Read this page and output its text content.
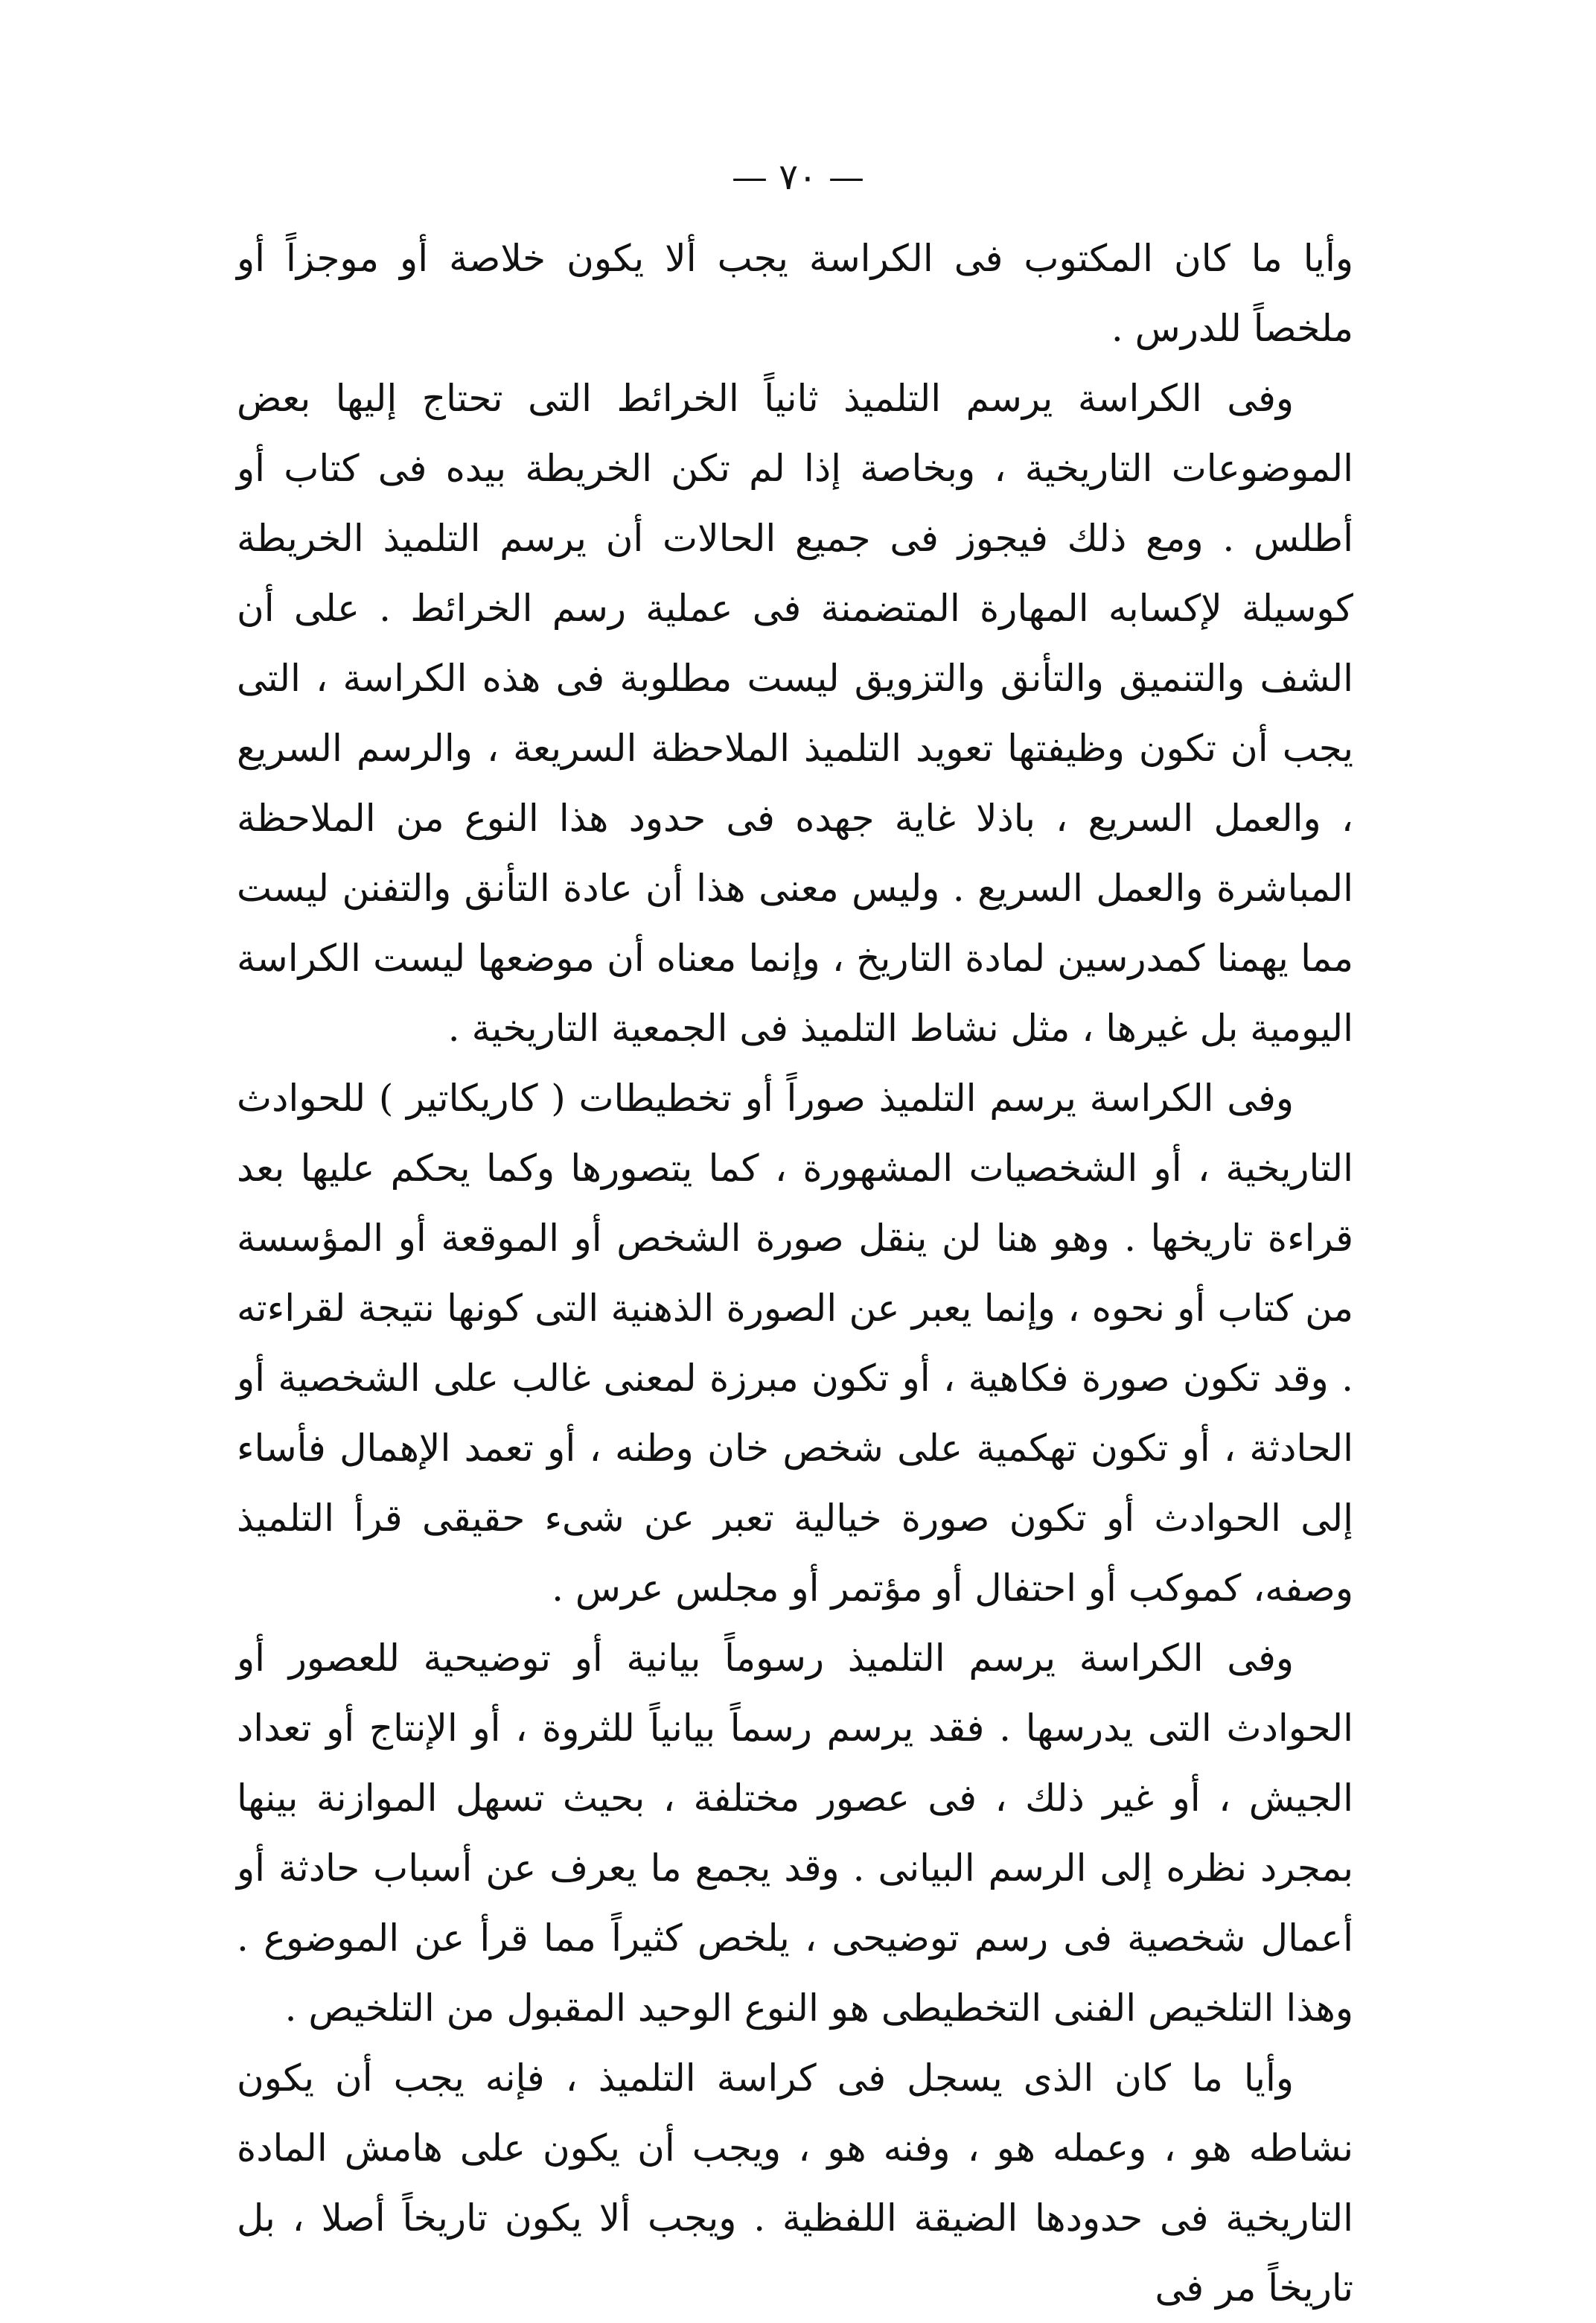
— ٧٠ —

وأيا ما كان المكتوب فى الكراسة يجب ألا يكون خلاصة أو موجزاً أو ملخصاً للدرس .

وفى الكراسة يرسم التلميذ ثانياً الخرائط التى تحتاج إليها بعض الموضوعات التاريخية ، وبخاصة إذا لم تكن الخريطة بيده فى كتاب أو أطلس . ومع ذلك فيجوز فى جميع الحالات أن يرسم التلميذ الخريطة كوسيلة لإكسابه المهارة المتضمنة فى عملية رسم الخرائط . على أن الشف والتنميق والتأنق والتزويق ليست مطلوبة فى هذه الكراسة ، التى يجب أن تكون وظيفتها تعويد التلميذ الملاحظة السريعة ، والرسم السريع ، والعمل السريع ، باذلا غاية جهده فى حدود هذا النوع من الملاحظة المباشرة والعمل السريع . وليس معنى هذا أن عادة التأنق والتفنن ليست مما يهمنا كمدرسين لمادة التاريخ ، وإنما معناه أن موضعها ليست الكراسة اليومية بل غيرها ، مثل نشاط التلميذ فى الجمعية التاريخية .

وفى الكراسة يرسم التلميذ صوراً أو تخطيطات ( كاريكاتير ) للحوادث التاريخية ، أو الشخصيات المشهورة ، كما يتصورها وكما يحكم عليها بعد قراءة تاريخها . وهو هنا لن ينقل صورة الشخص أو الموقعة أو المؤسسة من كتاب أو نحوه ، وإنما يعبر عن الصورة الذهنية التى كونها نتيجة لقراءته . وقد تكون صورة فكاهية ، أو تكون مبرزة لمعنى غالب على الشخصية أو الحادثة ، أو تكون تهكمية على شخص خان وطنه ، أو تعمد الإهمال فأساء إلى الحوادث أو تكون صورة خيالية تعبر عن شىء حقيقى قرأ التلميذ وصفه، كموكب أو احتفال أو مؤتمر أو مجلس عرس .

وفى الكراسة يرسم التلميذ رسوماً بيانية أو توضيحية للعصور أو الحوادث التى يدرسها . فقد يرسم رسماً بيانياً للثروة ، أو الإنتاج أو تعداد الجيش ، أو غير ذلك ، فى عصور مختلفة ، بحيث تسهل الموازنة بينها بمجرد نظره إلى الرسم البيانى . وقد يجمع ما يعرف عن أسباب حادثة أو أعمال شخصية فى رسم توضيحى ، يلخص كثيراً مما قرأ عن الموضوع . وهذا التلخيص الفنى التخطيطى هو النوع الوحيد المقبول من التلخيص .

وأيا ما كان الذى يسجل فى كراسة التلميذ ، فإنه يجب أن يكون نشاطه هو ، وعمله هو ، وفنه هو ، ويجب أن يكون على هامش المادة التاريخية فى حدودها الضيقة اللفظية . ويجب ألا يكون تاريخاً أصلا ، بل تاريخاً مر فى
